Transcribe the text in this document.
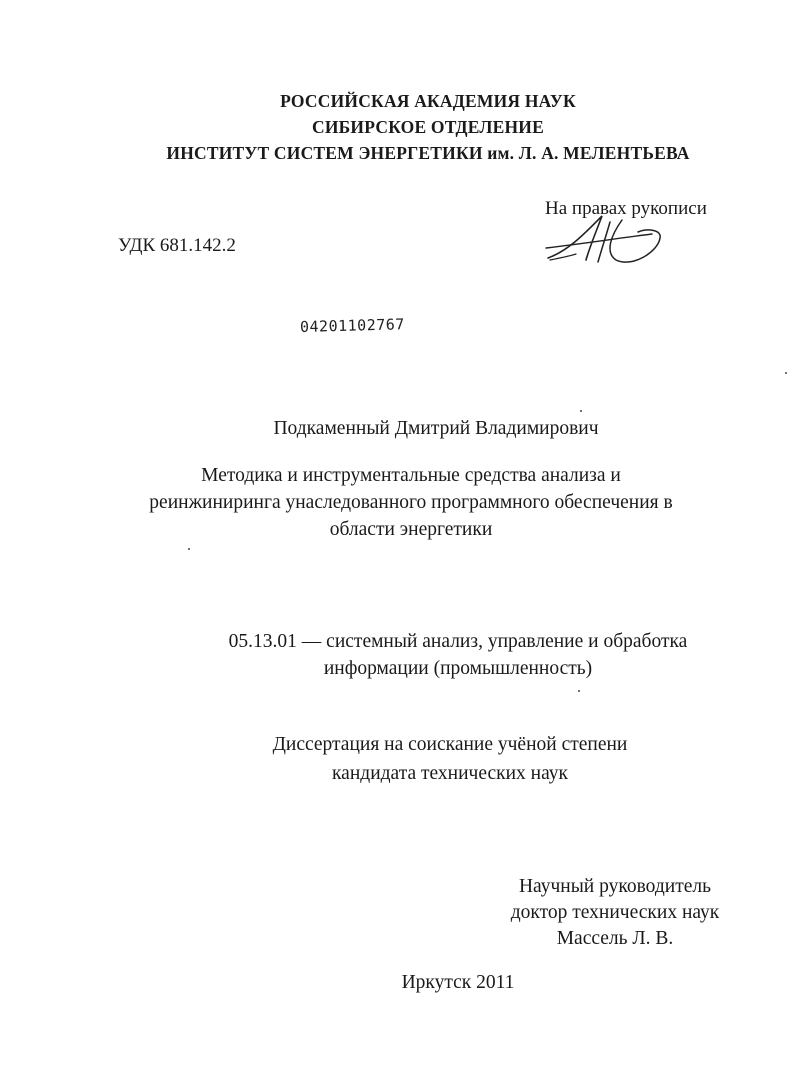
РОССИЙСКАЯ АКАДЕМИЯ НАУК
СИБИРСКОЕ ОТДЕЛЕНИЕ
ИНСТИТУТ СИСТЕМ ЭНЕРГЕТИКИ им. Л. А. МЕЛЕНТЬЕВА
На правах рукописи
УДК 681.142.2
04201102767
Подкаменный Дмитрий Владимирович
Методика и инструментальные средства анализа и
реинжиниринга унаследованного программного обеспечения в
области энергетики
05.13.01 — системный анализ, управление и обработка
информации (промышленность)
Диссертация на соискание учёной степени
кандидата технических наук
Научный руководитель
доктор технических наук
Массель Л. В.
Иркутск 2011
